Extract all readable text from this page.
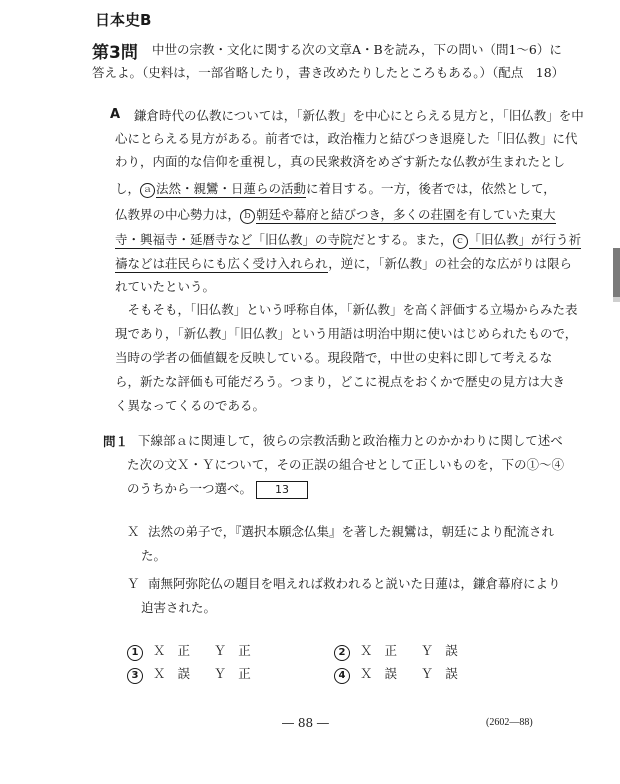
日本史B
第3問 中世の宗教・文化に関する次の文章A・Bを読み，下の問い（問1～6）に
答えよ。（史料は，一部省略したり，書き改めたりしたところもある。）（配点　18）
A 鎌倉時代の仏教については，「新仏教」を中心にとらえる見方と，「旧仏教」を中
心にとらえる見方がある。前者では，政治権力と結びつき退廃した「旧仏教」に代
わり，内面的な信仰を重視し，真の民衆救済をめざす新たな仏教が生まれたとし
し， ａ 法然・親鸞・日蓮らの活動に着目する。一方，後者では，依然として，
仏教界の中心勢力は， ｂ 朝廷や幕府と結びつき，多くの荘園を有していた東大
寺・興福寺・延暦寺など「旧仏教」の寺院だとする。また， ｃ 「旧仏教」が行う祈
禱などは荘民らにも広く受け入れられ，逆に，「新仏教」の社会的な広がりは限ら
れていたという。
　そもそも，「旧仏教」という呼称自体，「新仏教」を高く評価する立場からみた表
現であり，「新仏教」「旧仏教」という用語は明治中期に使いはじめられたもので，
当時の学者の価値観を反映している。現段階で，中世の史料に即して考えるな
ら，新たな評価も可能だろう。つまり，どこに視点をおくかで歴史の見方は大き
く異なってくるのである。
問１ 下線部ａに関連して，彼らの宗教活動と政治権力とのかかわりに関して述べ
た次の文Ｘ・Ｙについて，その正誤の組合せとして正しいものを，下の①～④
のうちから一つ選べ。 13
Ｘ 法然の弟子で，『選択本願念仏集』を著した親鸞は，朝廷により配流され
た。
Ｙ 南無阿弥陀仏の題目を唱えれば救われると説いた日蓮は，鎌倉幕府により
迫害された。
1 Ｘ 正 Ｙ 正	2 Ｘ 正 Ｙ 誤
3 Ｘ 誤 Ｙ 正	4 Ｘ 誤 Ｙ 誤
― 88 ―	(2602―88)
